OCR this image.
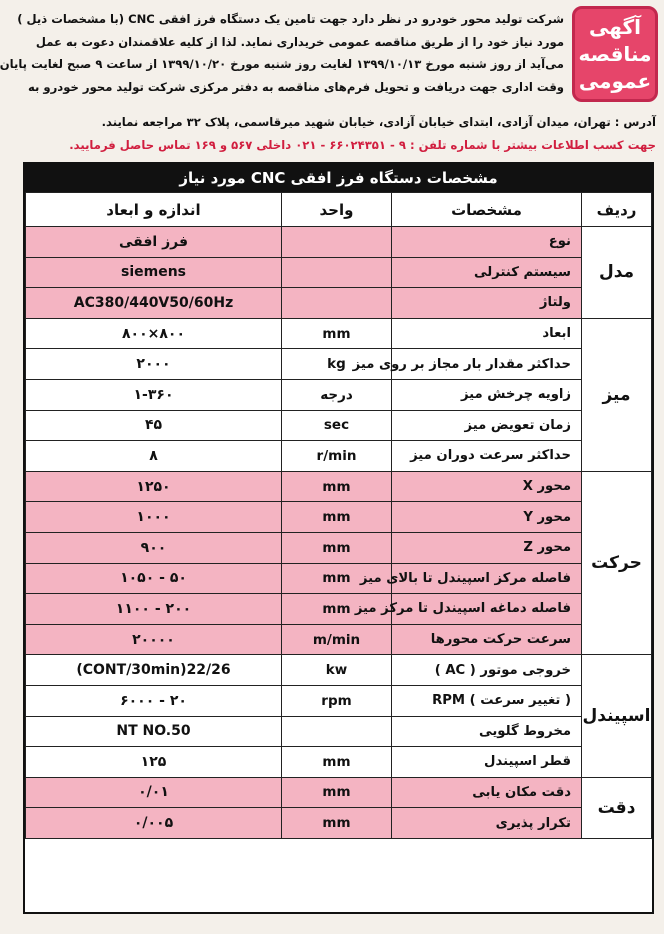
آگهی
مناقصه
عمومی

شرکت تولید محور خودرو در نظر دارد جهت تامین یک دستگاه فرز افقی CNC (با مشخصات ذیل )

مورد نیاز خود را از طریق مناقصه عمومی خریداری نماید. لذا از کلیه علاقمندان دعوت به عمل

می‌آید از روز شنبه مورخ ۱۳۹۹/۱۰/۱۳ لغایت روز شنبه مورخ ۱۳۹۹/۱۰/۲۰ از ساعت ۹ صبح لغایت پایان

وقت اداری جهت دریافت و تحویل فرم‌های مناقصه به دفتر مرکزی شرکت تولید محور خودرو به

آدرس : تهران، میدان آزادی، ابتدای خیابان آزادی، خیابان شهید میرقاسمی، پلاک ۳۲ مراجعه نمایند.
جهت کسب اطلاعات بیشتر با شماره تلفن : ۹ - ۶۶۰۲۴۳۵۱ - ۰۲۱ داخلی ۵۶۷ و ۱۶۹ تماس حاصل فرمایید.
مشخصات دستگاه فرز افقی CNC مورد نیاز
ردیف	مشخصات	واحد	اندازه و ابعاد
مدل	نوع		فرز افقی
	سیستم کنترلی		siemens
	ولتاژ		AC380/440V50/60Hz
میز	ابعاد	mm	۸۰۰×۸۰۰
	حداکثر مقدار بار مجاز بر روی میز	kg	۲۰۰۰
	زاویه چرخش میز	درجه	۱-۳۶۰
	زمان تعویض میز	sec	۴۵
	حداکثر سرعت دوران میز	r/min	۸
حرکت	محور X	mm	۱۲۵۰
	محور Y	mm	۱۰۰۰
	محور Z	mm	۹۰۰
	فاصله مرکز اسپیندل تا بالای میز	mm	۵۰ - ۱۰۵۰
	فاصله دماغه اسپیندل تا مرکز میز	mm	۲۰۰ - ۱۱۰۰
	سرعت حرکت محورها	m/min	۲۰۰۰۰
اسپیندل	خروجی موتور ( AC )	kw	22/26(CONT/30min)
	( تغییر سرعت ) RPM	rpm	۲۰ - ۶۰۰۰
	مخروط گلویی		NT NO.50
	قطر اسپیندل	mm	۱۲۵
دقت	دقت مکان یابی	mm	۰/۰۱
	تکرار پذیری	mm	۰/۰۰۵
